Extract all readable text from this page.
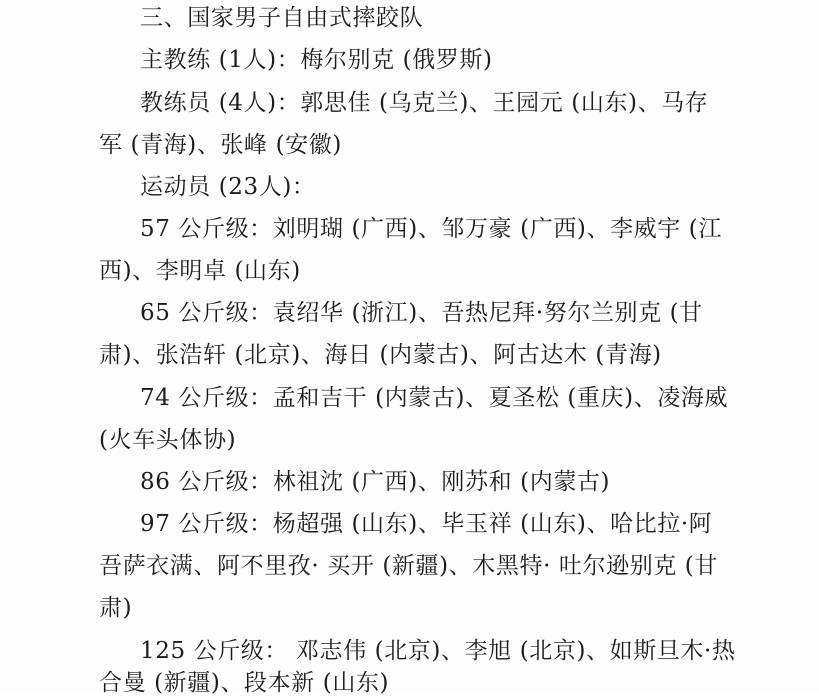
三、国家男子自由式摔跤队
主教练 (1人)：梅尔别克 (俄罗斯)
教练员 (4人)：郭思佳 (乌克兰)、王园元 (山东)、马存
军 (青海)、张峰 (安徽)
运动员 (23人)：
57 公斤级：刘明瑚 (广西)、邹万豪 (广西)、李威宇 (江
西)、李明卓 (山东)
65 公斤级：袁绍华 (浙江)、吾热尼拜·努尔兰别克 (甘
肃)、张浩轩 (北京)、海日 (内蒙古)、阿古达木 (青海)
74 公斤级：孟和吉干 (内蒙古)、夏圣松 (重庆)、凌海威
(火车头体协)
86 公斤级：林祖沈 (广西)、刚苏和 (内蒙古)
97 公斤级：杨超强 (山东)、毕玉祥 (山东)、哈比拉·阿
吾萨衣满、阿不里孜· 买开 (新疆)、木黑特· 吐尔逊别克 (甘
肃)
125 公斤级： 邓志伟 (北京)、李旭 (北京)、如斯旦木·热
合曼 (新疆)、段本新 (山东)
